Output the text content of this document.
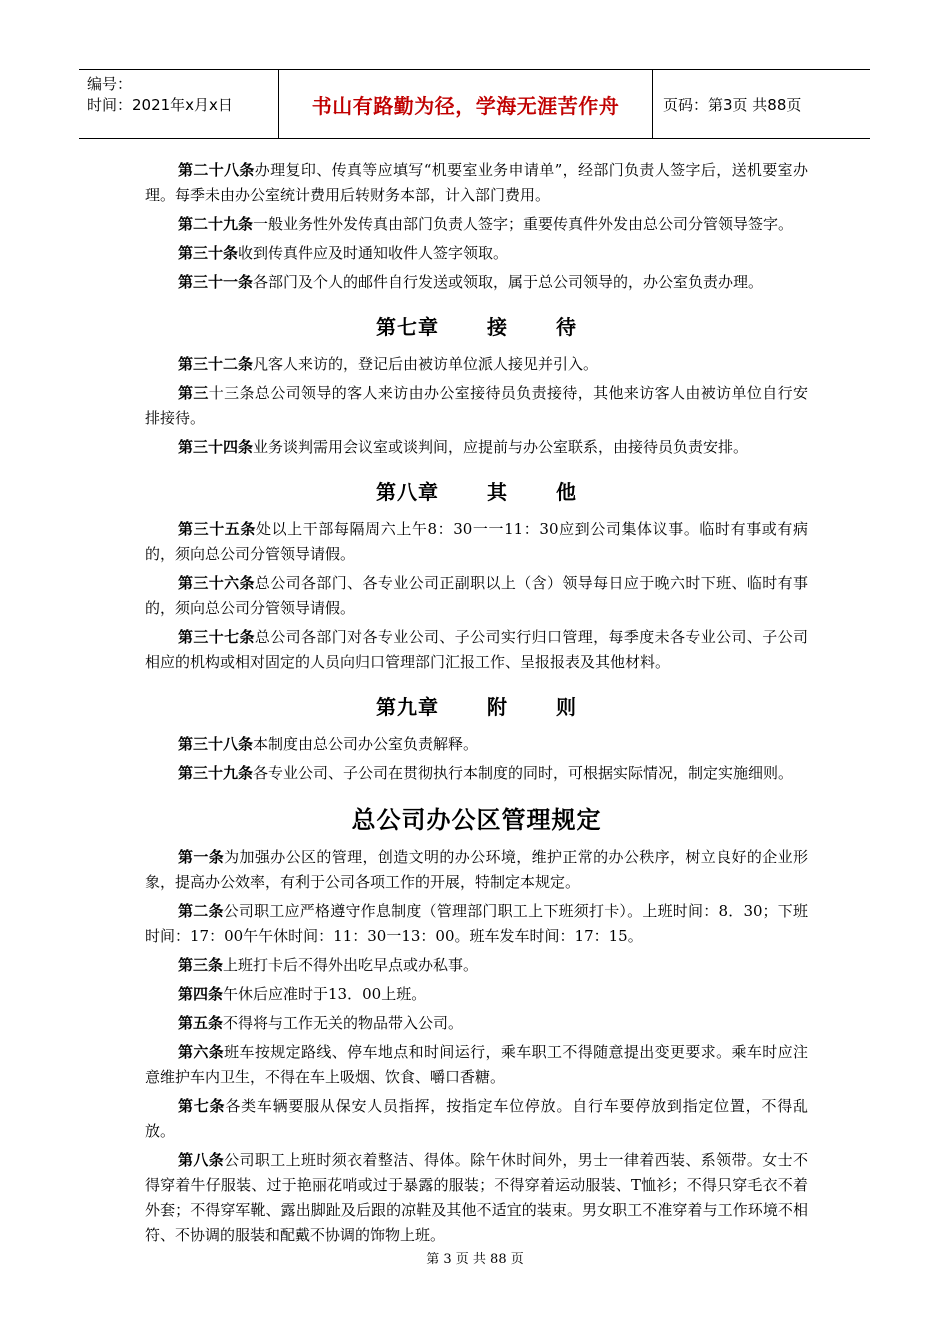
编号：
时间：2021年x月x日	书山有路勤为径，学海无涯苦作舟	页码：第3页 共88页

第二十八条办理复印、传真等应填写“机要室业务申请单”，经部门负责人签字后，送机要室办理。每季未由办公室统计费用后转财务本部，计入部门费用。

第二十九条一般业务性外发传真由部门负责人签字；重要传真件外发由总公司分管领导签字。

第三十条收到传真件应及时通知收件人签字领取。

第三十一条各部门及个人的邮件自行发送或领取，属于总公司领导的，办公室负责办理。

第七章 接 待

第三十二条凡客人来访的，登记后由被访单位派人接见并引入。

第三十三条总公司领导的客人来访由办公室接待员负责接待，其他来访客人由被访单位自行安排接待。

第三十四条业务谈判需用会议室或谈判间，应提前与办公室联系，由接待员负责安排。

第八章 其 他

第三十五条处以上干部每隔周六上午8：30一一11：30应到公司集体议事。临时有事或有病的，须向总公司分管领导请假。

第三十六条总公司各部门、各专业公司正副职以上（含）领导每日应于晚六时下班、临时有事的，须向总公司分管领导请假。

第三十七条总公司各部门对各专业公司、子公司实行归口管理，每季度未各专业公司、子公司相应的机构或相对固定的人员向归口管理部门汇报工作、呈报报表及其他材料。

第九章 附 则

第三十八条本制度由总公司办公室负责解释。

第三十九条各专业公司、子公司在贯彻执行本制度的同时，可根据实际情况，制定实施细则。

总公司办公区管理规定

第一条为加强办公区的管理，创造文明的办公环境，维护正常的办公秩序，树立良好的企业形象，提高办公效率，有利于公司各项工作的开展，特制定本规定。

第二条公司职工应严格遵守作息制度（管理部门职工上下班须打卡）。上班时间：8．30；下班时间：17：00午午休时间：11：30一13：00。班车发车时间：17：15。

第三条上班打卡后不得外出吃早点或办私事。

第四条午休后应准时于13．00上班。

第五条不得将与工作无关的物品带入公司。

第六条班车按规定路线、停车地点和时间运行，乘车职工不得随意提出变更要求。乘车时应注意维护车内卫生，不得在车上吸烟、饮食、嚼口香糖。

第七条各类车辆要服从保安人员指挥，按指定车位停放。自行车要停放到指定位置，不得乱放。

第八条公司职工上班时须衣着整洁、得体。除午休时间外，男士一律着西装、系领带。女士不得穿着牛仔服装、过于艳丽花哨或过于暴露的服装；不得穿着运动服装、T恤衫；不得只穿毛衣不着外套；不得穿军靴、露出脚趾及后跟的凉鞋及其他不适宜的装束。男女职工不准穿着与工作环境不相符、不协调的服装和配戴不协调的饰物上班。

第 3 页 共 88 页
